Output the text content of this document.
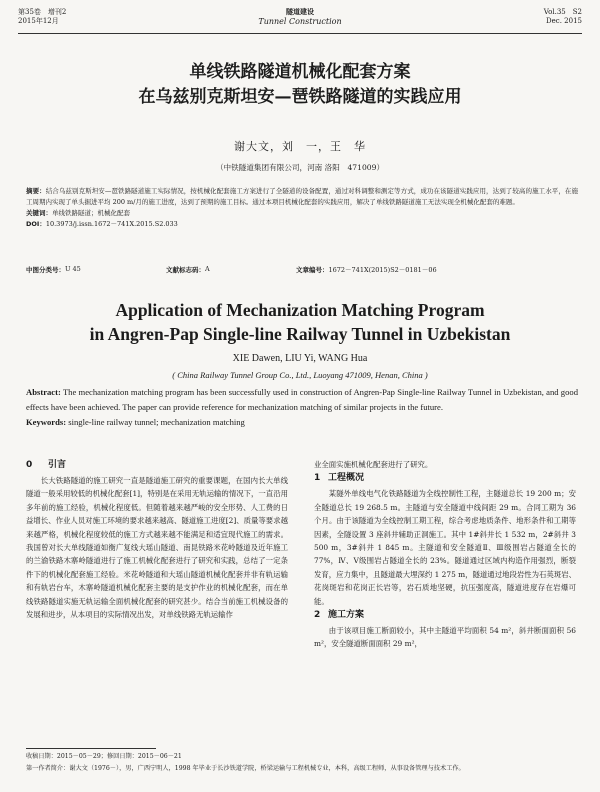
第35卷　增刊2
2015年12月
隧道建设
Tunnel Construction
Vol.35　S2
Dec. 2015
单线铁路隧道机械化配套方案
在乌兹别克斯坦安—琶铁路隧道的实践应用
谢大文，刘　一，王　华
（中铁隧道集团有限公司，河南 洛阳　471009）

摘要：结合乌兹别克斯坦安—琶铁路隧道施工实际情况，按机械化配套施工方案进行了全隧道的设备配置，通过对科调整和测定等方式，成功在该隧道实践应用，达到了较高的施工水平，在施工周期内实现了单头掘进平均 200 m/月的施工进度，达到了预期的施工目标。通过本项目机械化配套的实践应用，解决了单线铁路隧道施工无法实现全机械化配套的难题。

关键词：单线铁路隧道；机械化配套

DOI：10.3973/j.issn.1672－741X.2015.S2.033

中图分类号： U 45	文献标志码： A	文章编号： 1672－741X(2015)S2－0181－06
Application of Mechanization Matching Program
in Angren-Pap Single-line Railway Tunnel in Uzbekistan
XIE Dawen, LIU Yi, WANG Hua
( China Railway Tunnel Group Co., Ltd., Luoyang 471009, Henan, China )

Abstract: The mechanization matching program has been successfully used in construction of Angren-Pap Single-line Railway Tunnel in Uzbekistan, and good effects have been achieved. The paper can provide reference for mechanization matching of similar projects in the future.

Keywords: single-line railway tunnel; mechanization matching

0 引言

长大铁路隧道的施工研究一直是隧道施工研究的重要课题，在国内长大单线隧道一般采用较低的机械化配套[1]，特别是在采用无轨运输的情况下，一直沿用多年前的施工经验，机械化程度低。但随着越来越严峻的安全形势、人工费的日益增长、作业人员对施工环境的要求越来越高、隧道施工进度[2]、质量等要求越来越严格，机械化程度较低的施工方式越来越不能满足和适宜现代施工的需求。我国曾对长大单线隧道如衡广复线大瑶山隧道、南昆铁路米花岭隧道及近年施工的兰渝铁路木寨岭隧道进行了施工机械化配套进行了研究和实践，总结了一定条件下的机械化配套施工经验。米花岭隧道和大瑶山隧道机械化配套并非有轨运输和有轨岩台车，木寨岭隧道机械化配套主要的是支护作业的机械化配套，而在单线铁路隧道实施无轨运输全面机械化配套的研究甚少。结合当前施工机械设备的发展和进步，从本项目的实际情况出发，对单线铁路无轨运输作

业全面实施机械化配套进行了研究。

1 工程概况

某隧外单线电气化铁路隧道为全线控制性工程，主隧道总长 19 200 m；安全隧道总长 19 268.5 m。主隧道与安全隧道中线间距 29 m。合同工期为 36 个月。由于该隧道为全线控制工期工程，综合考虑地质条件、地形条件和工期等因素，全隧设置 3 座斜井辅助正洞施工。其中 1#斜井长 1 532 m，2#斜井 3 500 m，3#斜井 1 845 m。主隧道和安全隧道Ⅱ、Ⅲ级围岩占隧道全长的 77%，Ⅳ、Ⅴ级围岩占隧道全长的 23%。隧道通过区域内构造作用强烈，断裂发育，应力集中，且隧道最大埋深约 1 275 m，隧道通过地段岩性为石英斑岩、花岗斑岩和花岗正长岩等，岩石质地坚硬，抗压强度高，隧道进度存在岩爆可能。

2 施工方案

由于该项目施工断面较小，其中主隧道平均面积 54 m²，斜井断面面积 56 m²，安全隧道断面面积 29 m²，

收稿日期：2015－05－29；修回日期：2015－06－21
第一作者简介：谢大文（1976－），男，广西宁明人，1998 年毕业于长沙铁道学院，桥梁运输与工程机械专业，本科，高级工程师，从事设备管理与技术工作。
